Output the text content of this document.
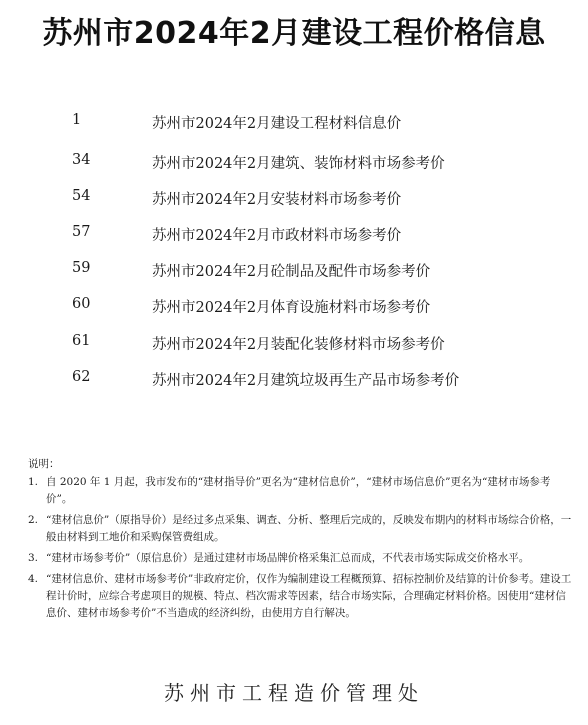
苏州市2024年2月建设工程价格信息
1	苏州市2024年2月建设工程材料信息价
34	苏州市2024年2月建筑、装饰材料市场参考价
54	苏州市2024年2月安装材料市场参考价
57	苏州市2024年2月市政材料市场参考价
59	苏州市2024年2月砼制品及配件市场参考价
60	苏州市2024年2月体育设施材料市场参考价
61	苏州市2024年2月装配化装修材料市场参考价
62	苏州市2024年2月建筑垃圾再生产品市场参考价
说明：
1. 自 2020 年 1 月起，我市发布的“建材指导价”更名为“建材信息价”，“建材市场信息价”更名为“建材市场参考价”。
2. “建材信息价”（原指导价）是经过多点采集、调查、分析、整理后完成的，反映发布期内的材料市场综合价格，一般由材料到工地价和采购保管费组成。
3. “建材市场参考价”（原信息价）是通过建材市场品牌价格采集汇总而成，不代表市场实际成交价格水平。
4. “建材信息价、建材市场参考价”非政府定价，仅作为编制建设工程概预算、招标控制价及结算的计价参考。建设工程计价时，应综合考虑项目的规模、特点、档次需求等因素，结合市场实际，合理确定材料价格。因使用“建材信息价、建材市场参考价”不当造成的经济纠纷，由使用方自行解决。
苏州市工程造价管理处
